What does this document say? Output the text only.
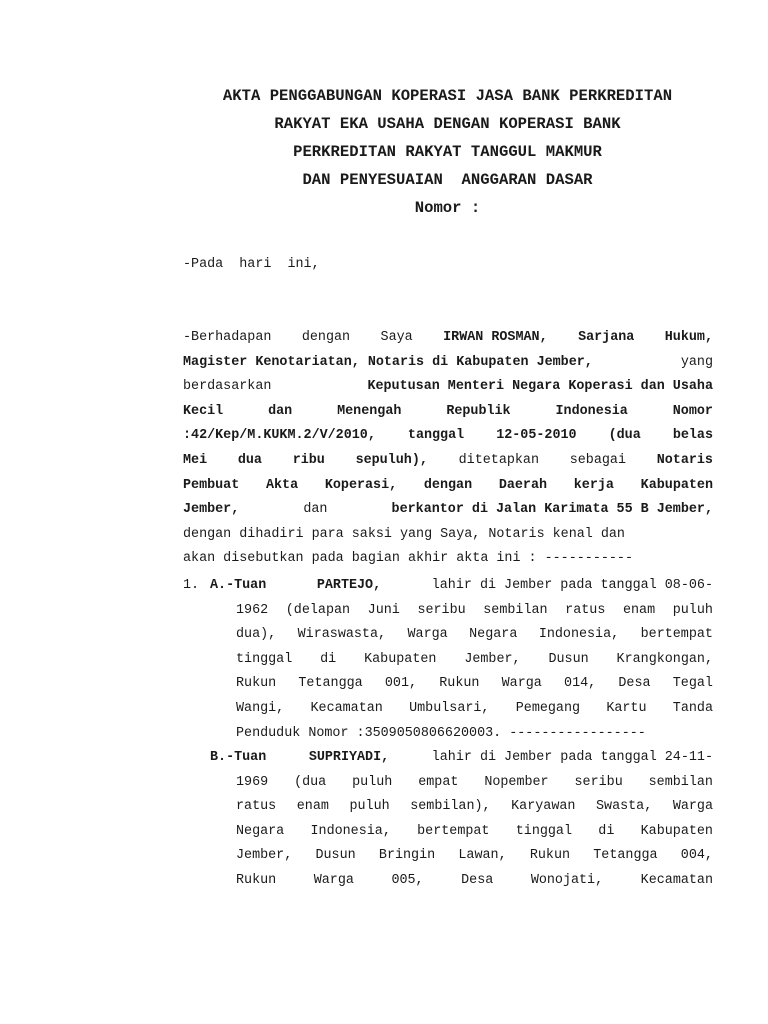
AKTA PENGGABUNGAN KOPERASI JASA BANK PERKREDITAN
RAKYAT EKA USAHA DENGAN KOPERASI BANK
PERKREDITAN RAKYAT TANGGUL MAKMUR
DAN PENYESUAIAN  ANGGARAN DASAR
Nomor :
-Pada  hari  ini,
-Berhadapan dengan Saya IRWAN ROSMAN, Sarjana Hukum,
Magister Kenotariatan, Notaris di Kabupaten Jember,	yang
berdasarkan	Keputusan Menteri Negara Koperasi dan Usaha
Kecil	dan	Menengah	Republik	Indonesia	Nomor
:42/Kep/M.KUKM.2/V/2010, tanggal 12-05-2010 (dua belas
Mei dua ribu sepuluh), ditetapkan sebagai Notaris
Pembuat Akta Koperasi, dengan Daerah kerja Kabupaten
Jember,	dan	berkantor di Jalan Karimata 55 B Jember,
dengan dihadiri para saksi yang Saya, Notaris kenal dan
akan disebutkan pada bagian akhir akta ini : -----------
1. A.-Tuan	PARTEJO,	lahir di Jember pada tanggal 08-06-
1962 (delapan Juni seribu sembilan ratus enam puluh
dua), Wiraswasta, Warga Negara Indonesia, bertempat
tinggal di Kabupaten Jember, Dusun Krangkongan,
Rukun Tetangga 001, Rukun Warga 014, Desa Tegal
Wangi, Kecamatan Umbulsari, Pemegang Kartu Tanda
Penduduk Nomor :3509050806620003. -----------------
B.-Tuan	SUPRIYADI,	lahir di Jember pada tanggal 24-11-
1969 (dua puluh empat Nopember seribu sembilan
ratus enam puluh sembilan), Karyawan Swasta, Warga
Negara Indonesia, bertempat tinggal di Kabupaten
Jember, Dusun Bringin Lawan, Rukun Tetangga 004,
Rukun	Warga	005,	Desa	Wonojati,	Kecamatan
